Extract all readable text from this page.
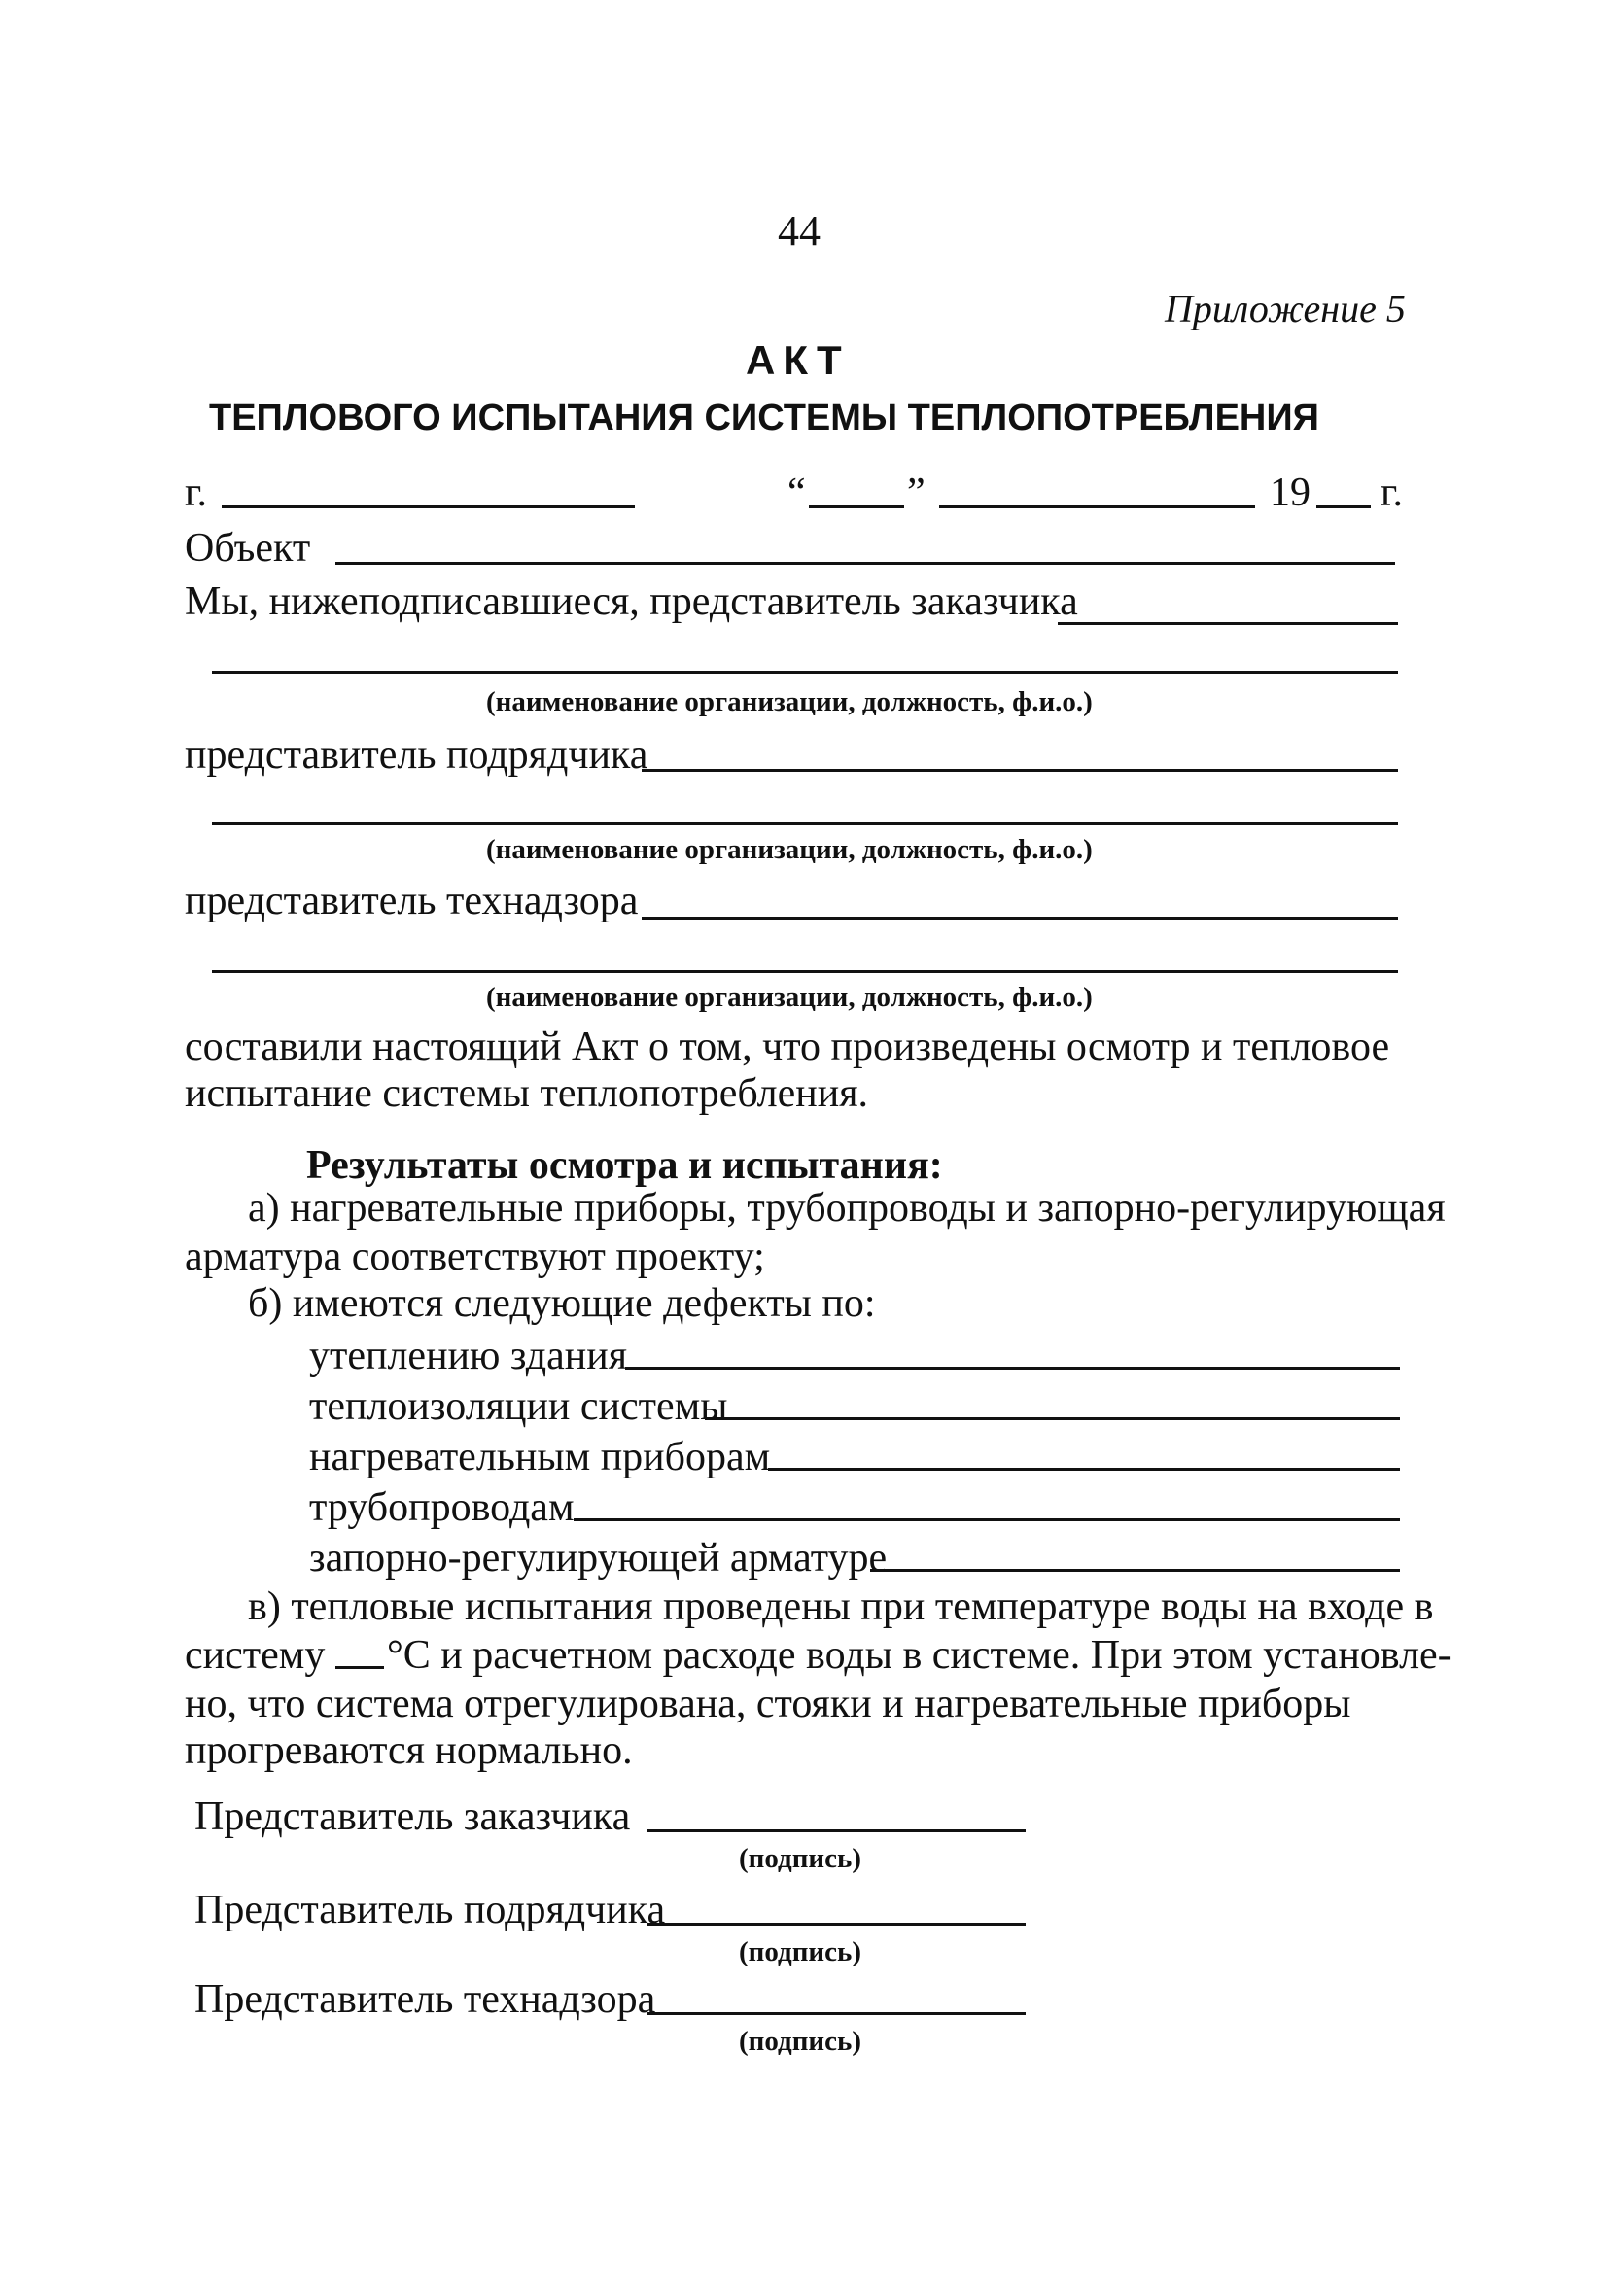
44
Приложение 5
АКТ
ТЕПЛОВОГО ИСПЫТАНИЯ СИСТЕМЫ ТЕПЛОПОТРЕБЛЕНИЯ
г.	“ ”	19 г.
Объект
Мы, нижеподписавшиеся, представитель заказчика
(наименование организации, должность, ф.и.о.)
представитель подрядчика
(наименование организации, должность, ф.и.о.)
представитель технадзора
(наименование организации, должность, ф.и.о.)
составили настоящий Акт о том, что произведены осмотр и тепловое
испытание системы теплопотребления.
Результаты осмотра и испытания:
а) нагревательные приборы, трубопроводы и запорно-регулирующая
арматура соответствуют проекту;
б) имеются следующие дефекты по:
утеплению здания
теплоизоляции системы
нагревательным приборам
трубопроводам
запорно-регулирующей арматуре
в) тепловые испытания проведены при температуре воды на входе в
систему °С и расчетном расходе воды в системе. При этом установле-
но, что система отрегулирована, стояки и нагревательные приборы
прогреваются нормально.
Представитель заказчика
(подпись)
Представитель подрядчика
(подпись)
Представитель технадзора
(подпись)
